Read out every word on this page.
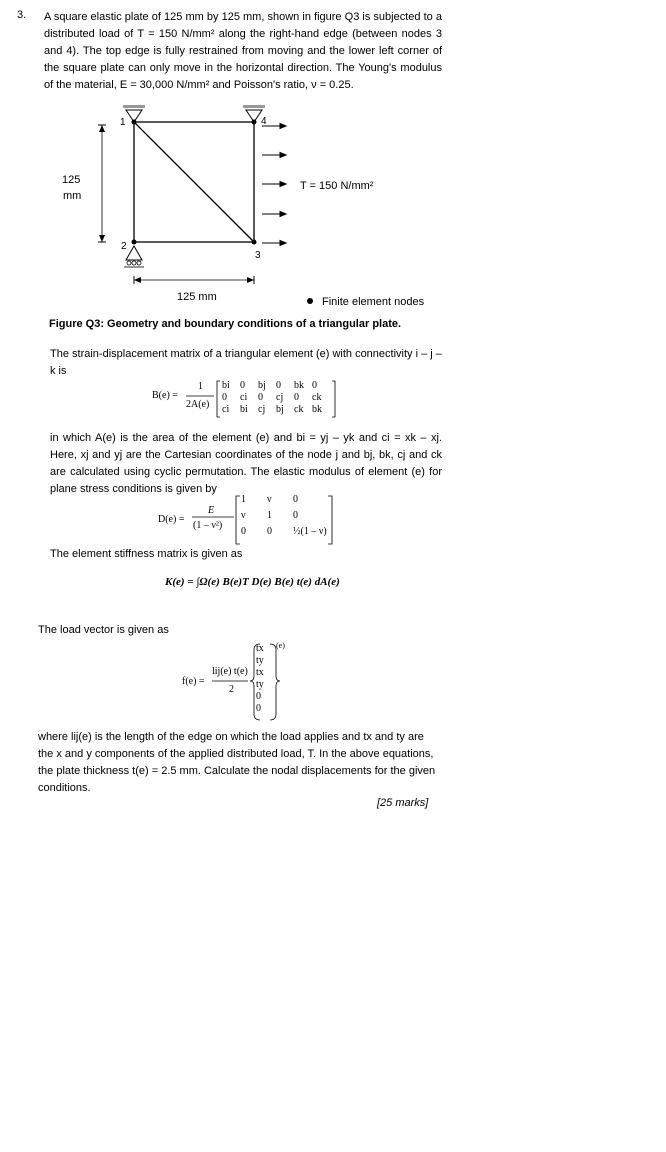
3. A square elastic plate of 125 mm by 125 mm, shown in figure Q3 is subjected to a distributed load of T = 150 N/mm² along the right-hand edge (between nodes 3 and 4). The top edge is fully restrained from moving and the lower left corner of the square plate can only move in the horizontal direction. The Young's modulus of the material, E = 30,000 N/mm² and Poisson's ratio, ν = 0.25.
1
2
3
4
125
mm
125 mm
T = 150 N/mm²
Finite element nodes
Figure Q3: Geometry and boundary conditions of a triangular plate.
The strain-displacement matrix of a triangular element (e) with connectivity i – j – k is
B(e) =
1
2A(e)
bi 0 bj 0 bk 0
0 ci 0 cj 0 ck
ci bi cj bj ck bk
in which A(e) is the area of the element (e) and bi = yj – yk and ci = xk – xj. Here, xj and yj are the Cartesian coordinates of the node j and bj, bk, cj and ck are calculated using cyclic permutation. The elastic modulus of element (e) for plane stress conditions is given by
D(e) =
E
(1 – ν²)
1 ν 0
ν 1 0
0 0 ½(1 – ν)
The element stiffness matrix is given as
K(e) = ∫Ω(e) B(e)T D(e) B(e) t(e) dA(e)
The load vector is given as
f(e) =
lij(e) t(e)
2
tx
ty
tx
ty
0
0
(e)
where lij(e) is the length of the edge on which the load applies and tx and ty are the x and y components of the applied distributed load, T. In the above equations, the plate thickness t(e) = 2.5 mm. Calculate the nodal displacements for the given conditions.
[25 marks]
